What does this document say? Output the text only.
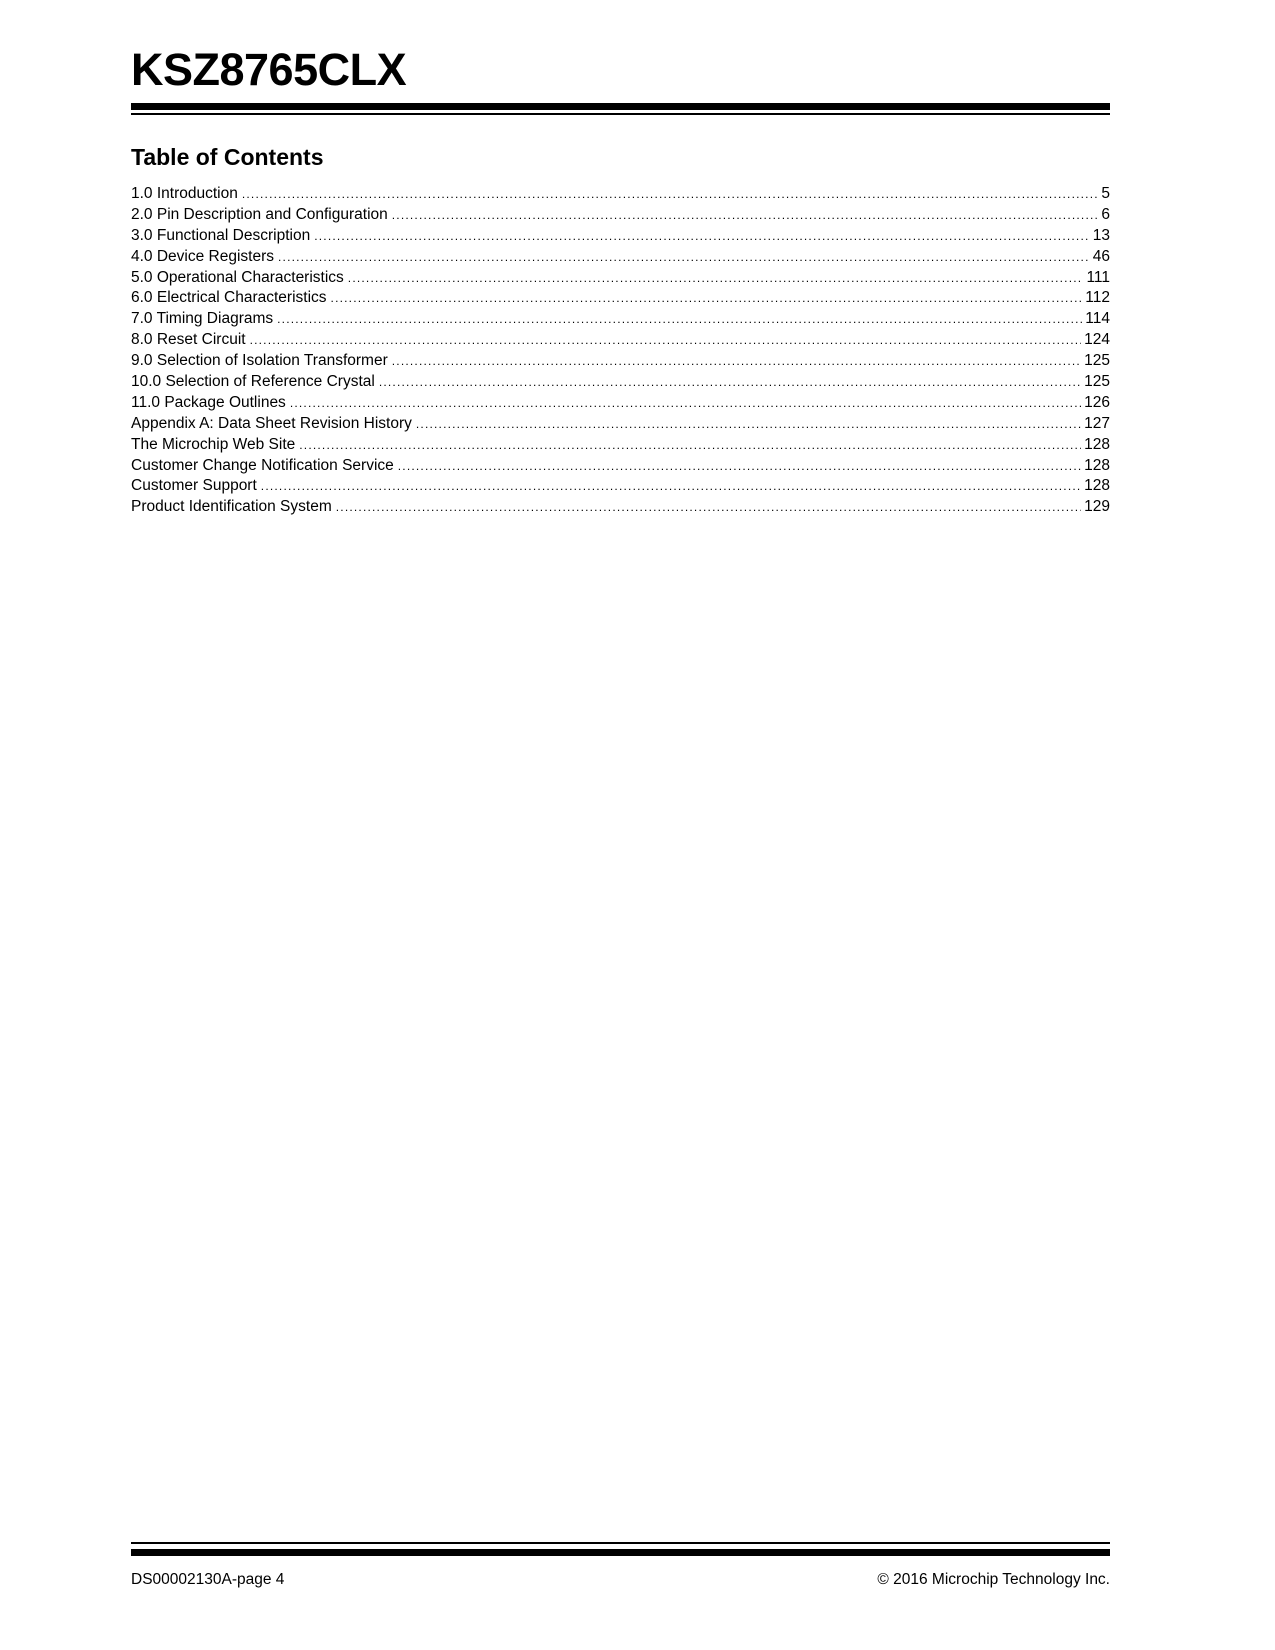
KSZ8765CLX
Table of Contents
1.0 Introduction .....	5
2.0 Pin Description and Configuration .....	6
3.0 Functional Description .....	13
4.0 Device Registers .....	46
5.0 Operational Characteristics .....	111
6.0 Electrical Characteristics .....	112
7.0 Timing Diagrams .....	114
8.0 Reset Circuit .....	124
9.0 Selection of Isolation Transformer .....	125
10.0 Selection of Reference Crystal .....	125
11.0 Package Outlines .....	126
Appendix A: Data Sheet Revision History .....	127
The Microchip Web Site .....	128
Customer Change Notification Service .....	128
Customer Support .....	128
Product Identification System .....	129
DS00002130A-page 4	© 2016 Microchip Technology Inc.
